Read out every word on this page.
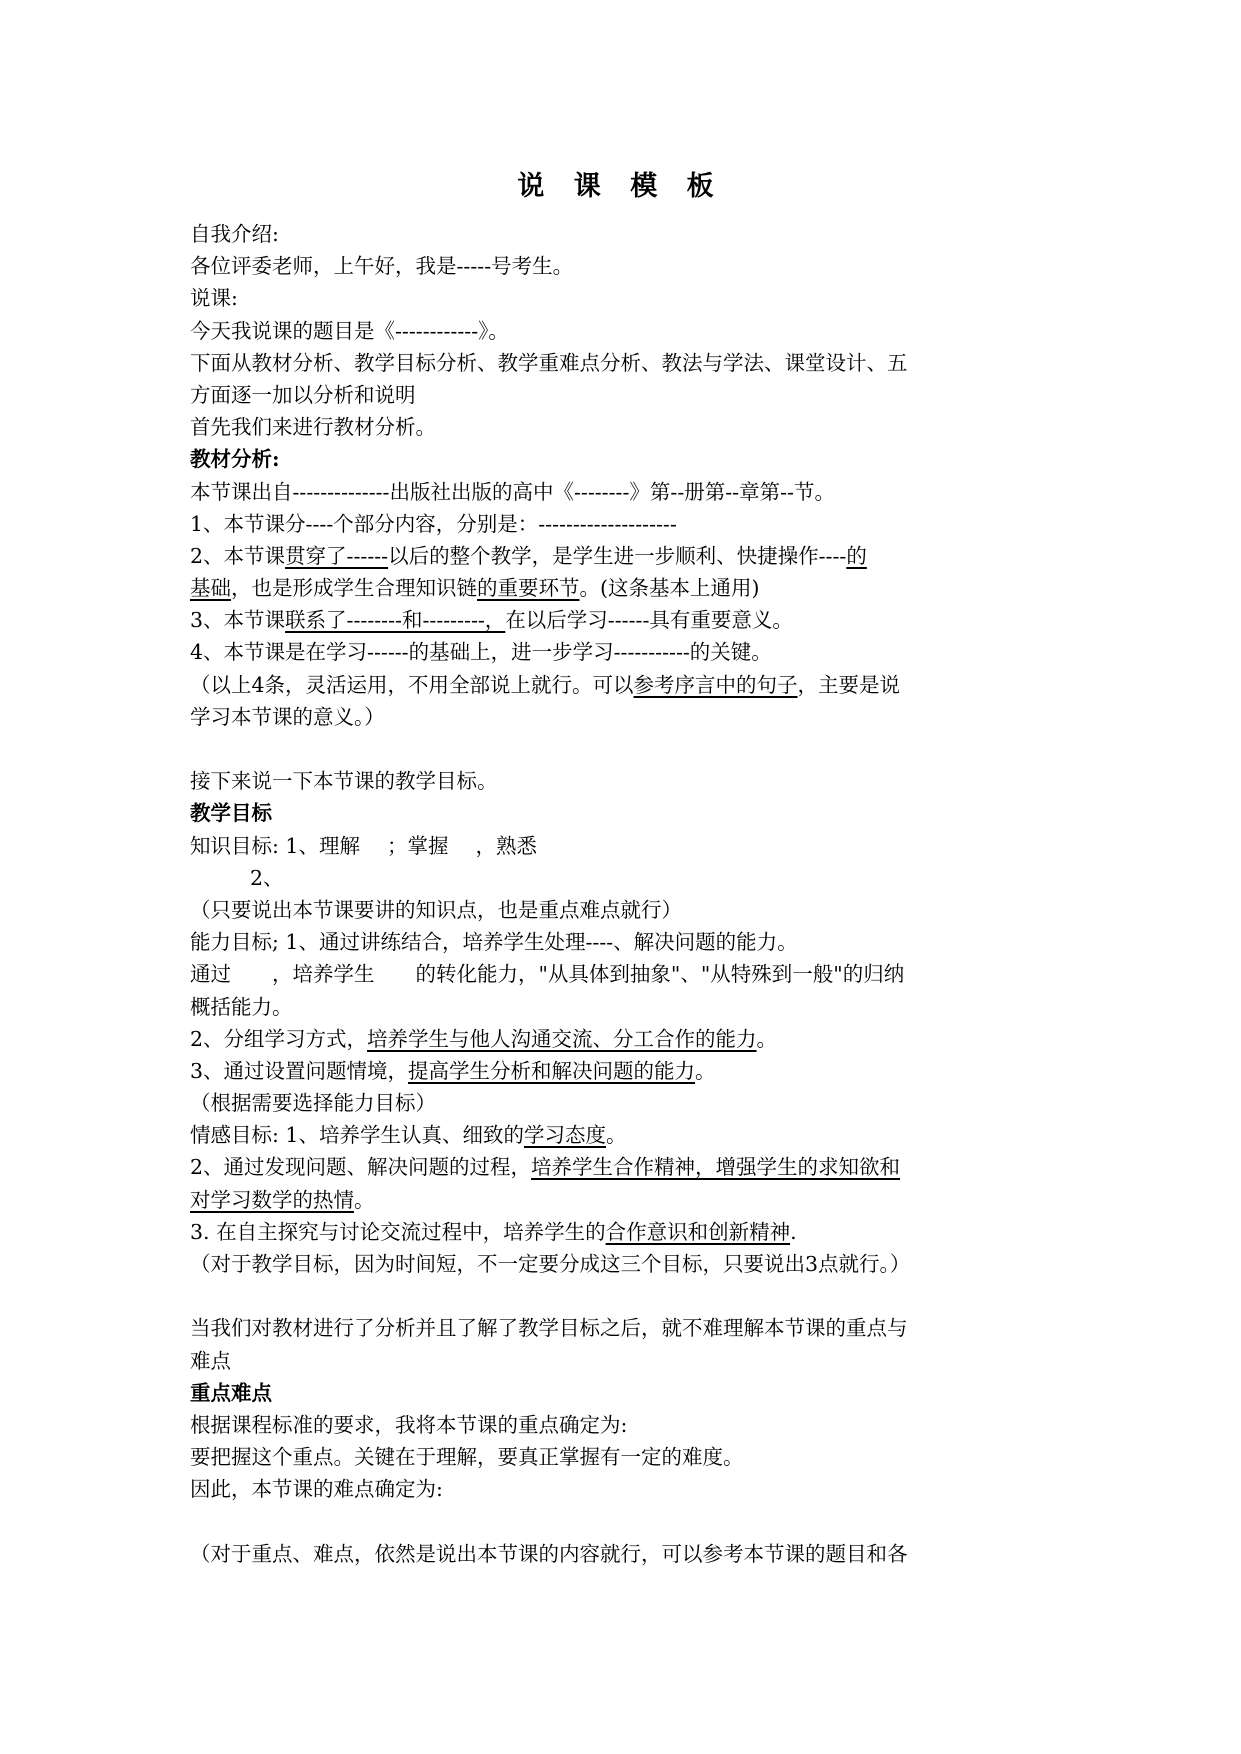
说 课 模 板
自我介绍:
各位评委老师，上午好，我是-----号考生。
说课:
今天我说课的题目是《------------》。
下面从教材分析、教学目标分析、教学重难点分析、教法与学法、课堂设计、五
方面逐一加以分析和说明
首先我们来进行教材分析。
教材分析:
本节课出自--------------出版社出版的高中《--------》第--册第--章第--节。
1、本节课分----个部分内容，分别是：--------------------
2、本节课贯穿了------以后的整个教学，是学生进一步顺利、快捷操作----的
基础，也是形成学生合理知识链的重要环节。(这条基本上通用)
3、本节课联系了--------和---------，在以后学习------具有重要意义。
4、本节课是在学习------的基础上，进一步学习-----------的关键。
（以上4条，灵活运用，不用全部说上就行。可以参考序言中的句子，主要是说
学习本节课的意义。）
接下来说一下本节课的教学目标。
教学目标
知识目标: 1、理解　 ；掌握　 ，熟悉
2、
（只要说出本节课要讲的知识点，也是重点难点就行）
能力目标; 1、通过讲练结合，培养学生处理----、解决问题的能力。
通过　　，培养学生　　的转化能力，"从具体到抽象"、"从特殊到一般"的归纳
概括能力。
2、分组学习方式，培养学生与他人沟通交流、分工合作的能力。
3、通过设置问题情境，提高学生分析和解决问题的能力。
（根据需要选择能力目标）
情感目标: 1、培养学生认真、细致的学习态度。
2、通过发现问题、解决问题的过程，培养学生合作精神，增强学生的求知欲和
对学习数学的热情。
3. 在自主探究与讨论交流过程中，培养学生的合作意识和创新精神.
（对于教学目标，因为时间短，不一定要分成这三个目标，只要说出3点就行。）
当我们对教材进行了分析并且了解了教学目标之后，就不难理解本节课的重点与
难点
重点难点
根据课程标准的要求，我将本节课的重点确定为:
要把握这个重点。关键在于理解，要真正掌握有一定的难度。
因此，本节课的难点确定为:
（对于重点、难点，依然是说出本节课的内容就行，可以参考本节课的题目和各
